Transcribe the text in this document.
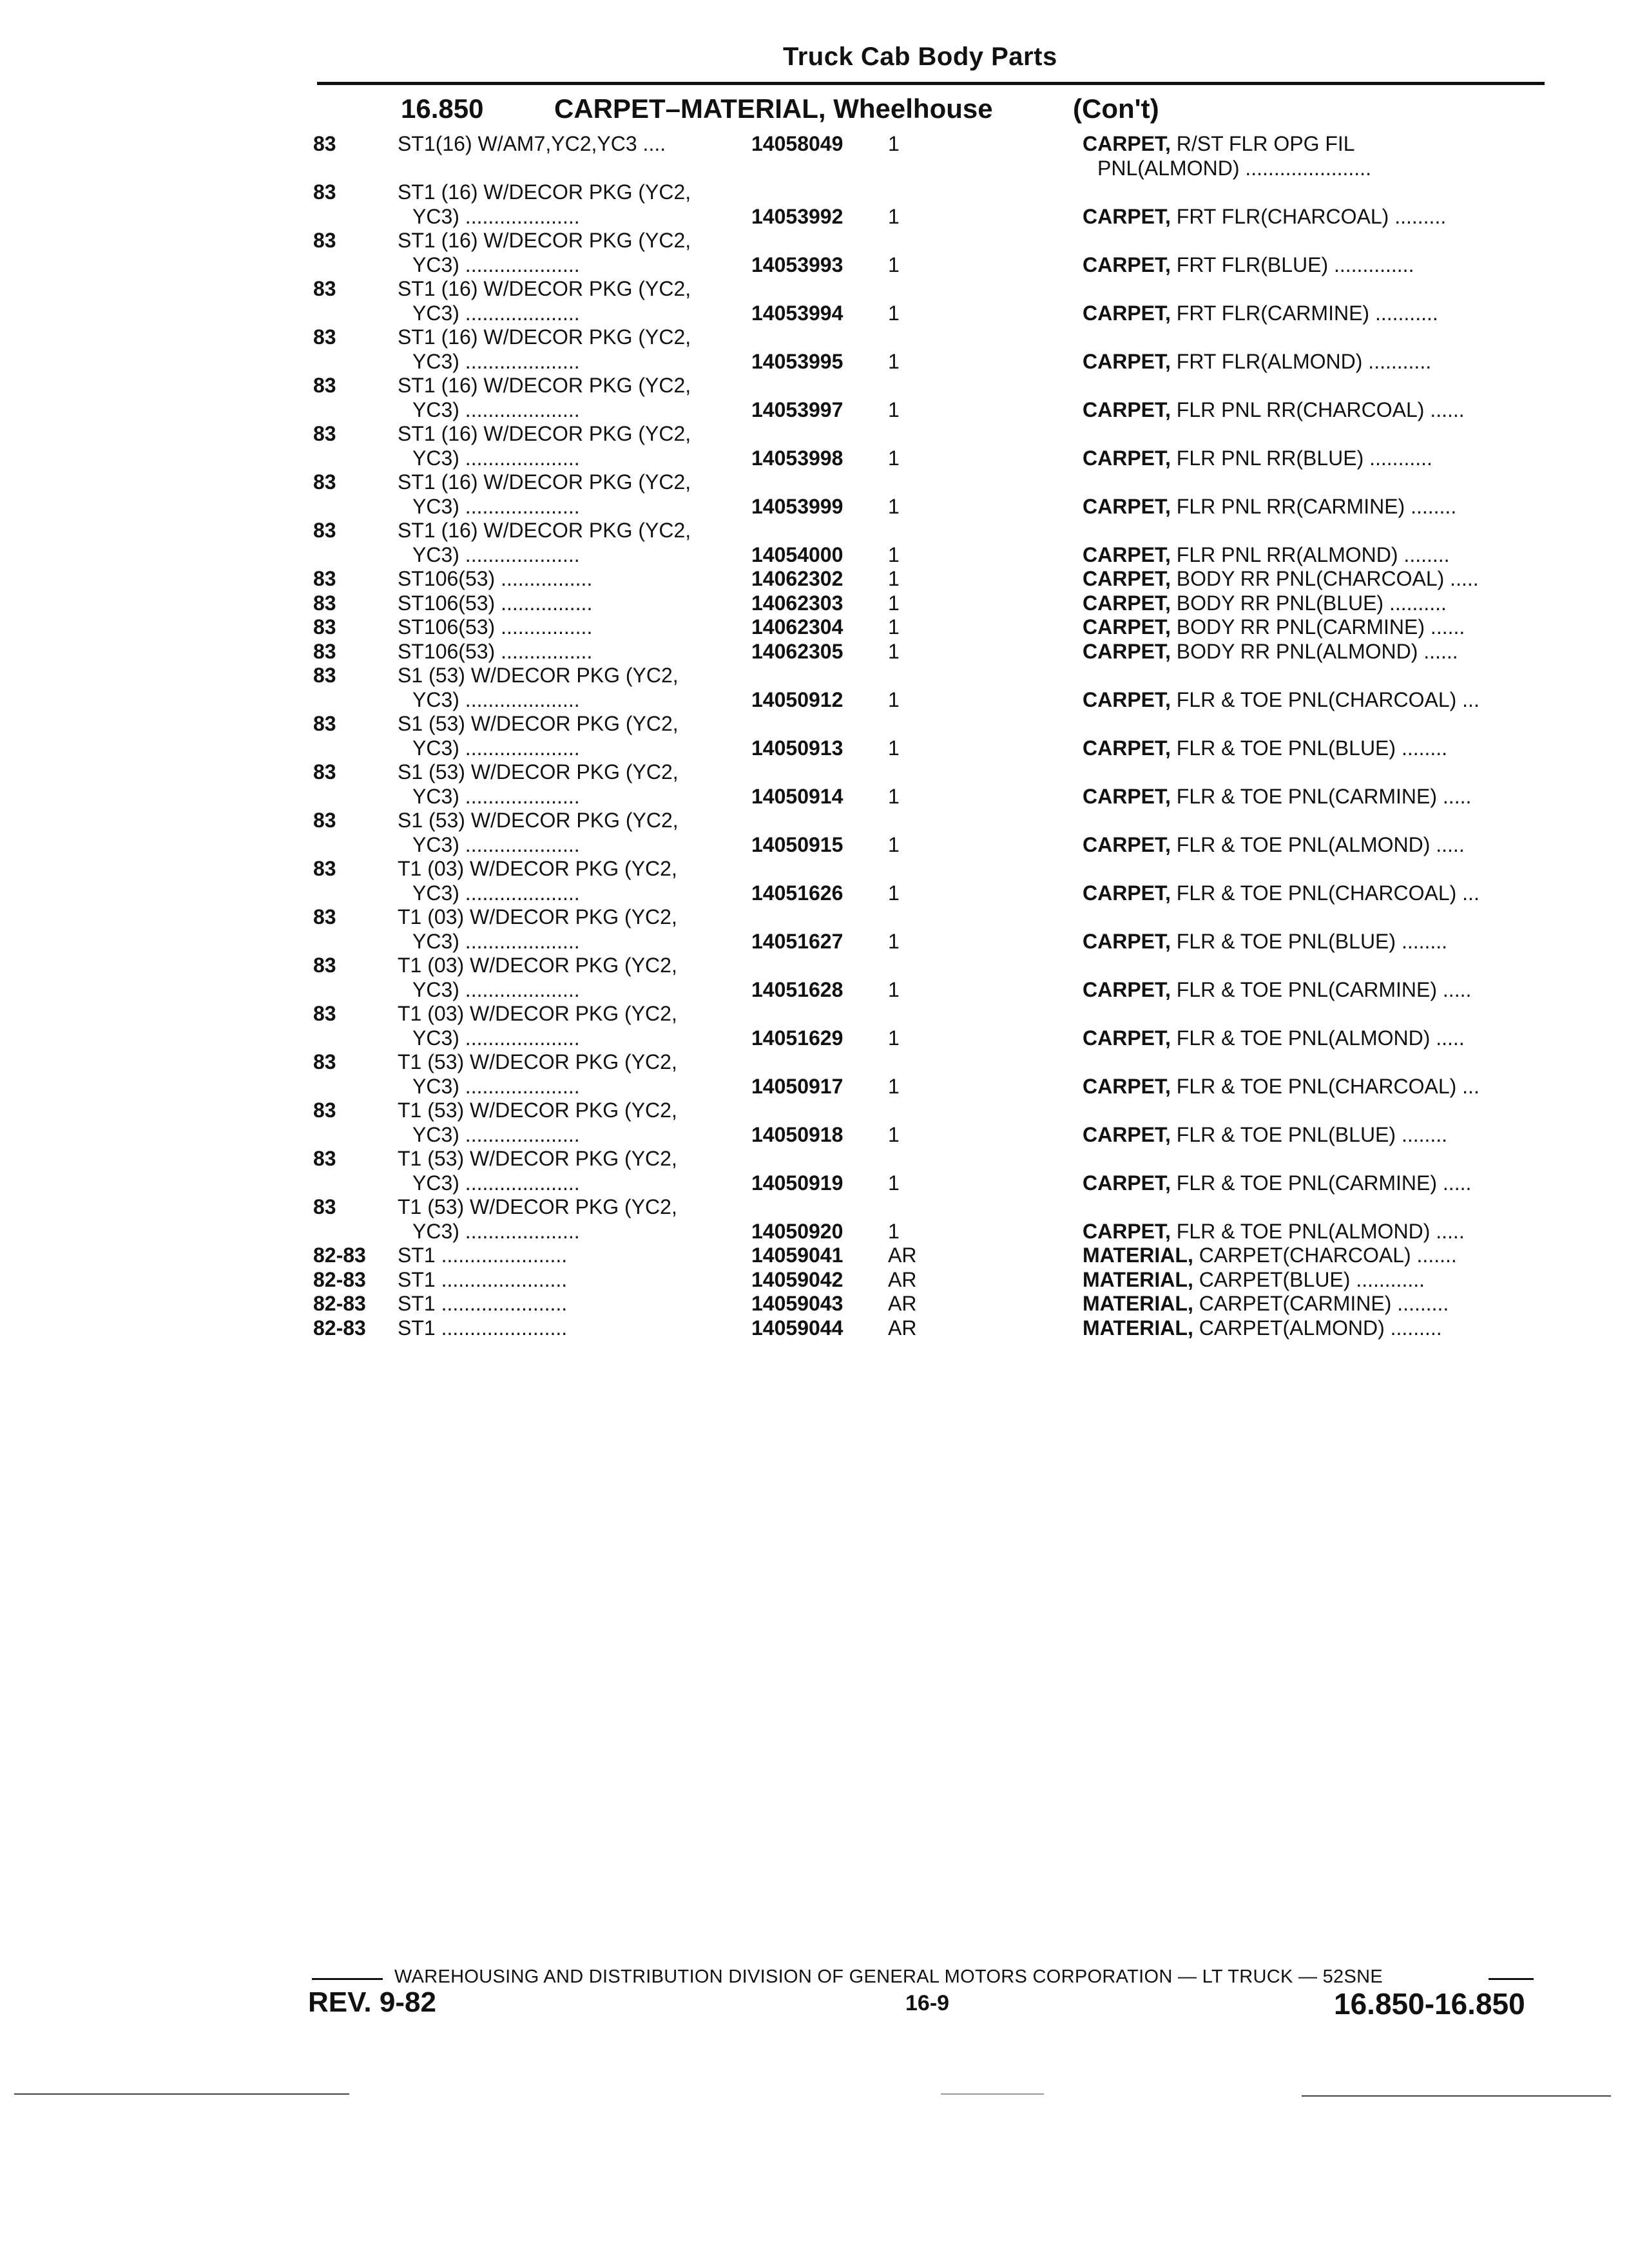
Truck Cab Body Parts
16.850	CARPET–MATERIAL, Wheelhouse	(Con't)
83	ST1(16) W/AM7,YC2,YC3 ....	14058049 1	CARPET, R/ST FLR OPG FIL
PNL(ALMOND) ......................
83	ST1 (16) W/DECOR PKG (YC2,
YC3) ....................	14053992 1	CARPET, FRT FLR(CHARCOAL) .........
83	ST1 (16) W/DECOR PKG (YC2,
YC3) ....................	14053993 1	CARPET, FRT FLR(BLUE) ..............
83	ST1 (16) W/DECOR PKG (YC2,
YC3) ....................	14053994 1	CARPET, FRT FLR(CARMINE) ...........
83	ST1 (16) W/DECOR PKG (YC2,
YC3) ....................	14053995 1	CARPET, FRT FLR(ALMOND) ...........
83	ST1 (16) W/DECOR PKG (YC2,
YC3) ....................	14053997 1	CARPET, FLR PNL RR(CHARCOAL) ......
83	ST1 (16) W/DECOR PKG (YC2,
YC3) ....................	14053998 1	CARPET, FLR PNL RR(BLUE) ...........
83	ST1 (16) W/DECOR PKG (YC2,
YC3) ....................	14053999 1	CARPET, FLR PNL RR(CARMINE) ........
83	ST1 (16) W/DECOR PKG (YC2,
YC3) ....................	14054000 1	CARPET, FLR PNL RR(ALMOND) ........
83	ST106(53) ................	14062302 1	CARPET, BODY RR PNL(CHARCOAL) .....
83	ST106(53) ................	14062303 1	CARPET, BODY RR PNL(BLUE) ..........
83	ST106(53) ................	14062304 1	CARPET, BODY RR PNL(CARMINE) ......
83	ST106(53) ................	14062305 1	CARPET, BODY RR PNL(ALMOND) ......
83	S1 (53) W/DECOR PKG (YC2,
YC3) ....................	14050912 1	CARPET, FLR & TOE PNL(CHARCOAL) ...
83	S1 (53) W/DECOR PKG (YC2,
YC3) ....................	14050913 1	CARPET, FLR & TOE PNL(BLUE) ........
83	S1 (53) W/DECOR PKG (YC2,
YC3) ....................	14050914 1	CARPET, FLR & TOE PNL(CARMINE) .....
83	S1 (53) W/DECOR PKG (YC2,
YC3) ....................	14050915 1	CARPET, FLR & TOE PNL(ALMOND) .....
83	T1 (03) W/DECOR PKG (YC2,
YC3) ....................	14051626 1	CARPET, FLR & TOE PNL(CHARCOAL) ...
83	T1 (03) W/DECOR PKG (YC2,
YC3) ....................	14051627 1	CARPET, FLR & TOE PNL(BLUE) ........
83	T1 (03) W/DECOR PKG (YC2,
YC3) ....................	14051628 1	CARPET, FLR & TOE PNL(CARMINE) .....
83	T1 (03) W/DECOR PKG (YC2,
YC3) ....................	14051629 1	CARPET, FLR & TOE PNL(ALMOND) .....
83	T1 (53) W/DECOR PKG (YC2,
YC3) ....................	14050917 1	CARPET, FLR & TOE PNL(CHARCOAL) ...
83	T1 (53) W/DECOR PKG (YC2,
YC3) ....................	14050918 1	CARPET, FLR & TOE PNL(BLUE) ........
83	T1 (53) W/DECOR PKG (YC2,
YC3) ....................	14050919 1	CARPET, FLR & TOE PNL(CARMINE) .....
83	T1 (53) W/DECOR PKG (YC2,
YC3) ....................	14050920 1	CARPET, FLR & TOE PNL(ALMOND) .....
82-83	ST1 ......................	14059041 AR	MATERIAL, CARPET(CHARCOAL) .......
82-83	ST1 ......................	14059042 AR	MATERIAL, CARPET(BLUE) ............
82-83	ST1 ......................	14059043 AR	MATERIAL, CARPET(CARMINE) .........
82-83	ST1 ......................	14059044 AR	MATERIAL, CARPET(ALMOND) .........
WAREHOUSING AND DISTRIBUTION DIVISION OF GENERAL MOTORS CORPORATION — LT TRUCK — 52SNE
REV. 9-82	16-9	16.850-16.850
